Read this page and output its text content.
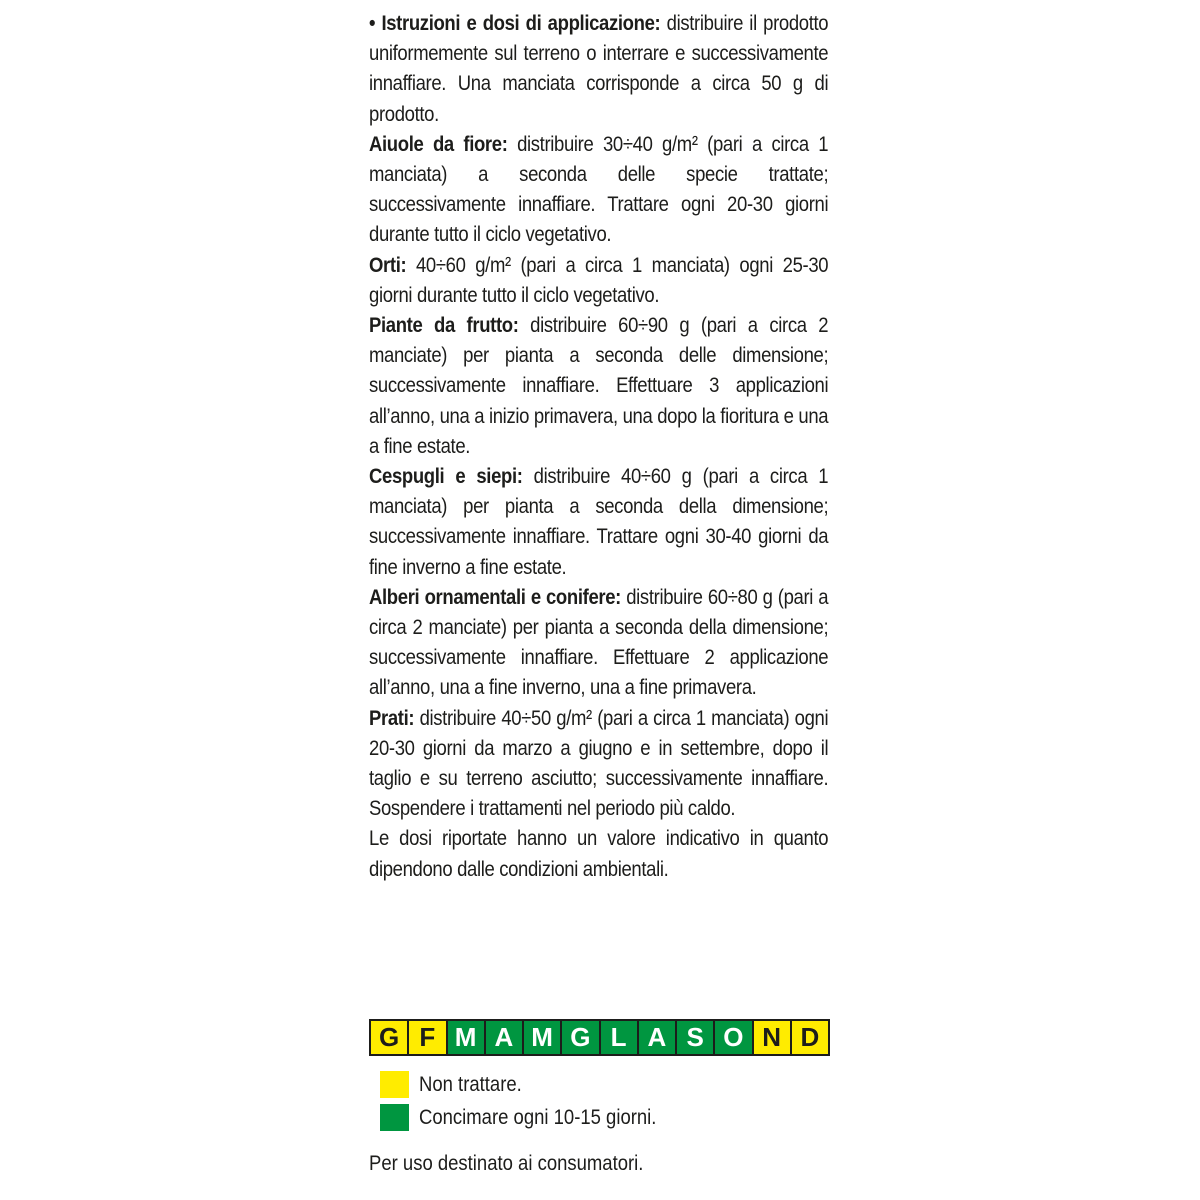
• Istruzioni e dosi di applicazione: distribuire il prodotto uniformemente sul terreno o interrare e successivamente innaffiare. Una manciata corrisponde a circa 50 g di prodotto.

Aiuole da fiore: distribuire 30÷40 g/m² (pari a circa 1 manciata) a seconda delle specie trattate; successivamente innaffiare. Trattare ogni 20-30 giorni durante tutto il ciclo vegetativo.

Orti: 40÷60 g/m² (pari a circa 1 manciata) ogni 25-30 giorni durante tutto il ciclo vegetativo.

Piante da frutto: distribuire 60÷90 g (pari a circa 2 manciate) per pianta a seconda delle dimensione; successivamente innaffiare. Effettuare 3 applicazioni all’anno, una a inizio primavera, una dopo la fioritura e una a fine estate.

Cespugli e siepi: distribuire 40÷60 g (pari a circa 1 manciata) per pianta a seconda della dimensione; successivamente innaffiare. Trattare ogni 30-40 giorni da fine inverno a fine estate.

Alberi ornamentali e conifere: distribuire 60÷80 g (pari a circa 2 manciate) per pianta a seconda della dimensione; successivamente innaffiare. Effettuare 2 applicazione all’anno, una a fine inverno, una a fine primavera.

Prati: distribuire 40÷50 g/m² (pari a circa 1 manciata) ogni 20-30 giorni da marzo a giugno e in settembre, dopo il taglio e su terreno asciutto; successivamente innaffiare. Sospendere i trattamenti nel periodo più caldo.

Le dosi riportate hanno un valore indicativo in quanto dipendono dalle condizioni ambientali.

G F M A M G L A S O N D
Non trattare.
Concimare ogni 10-15 giorni.
Per uso destinato ai consumatori.
